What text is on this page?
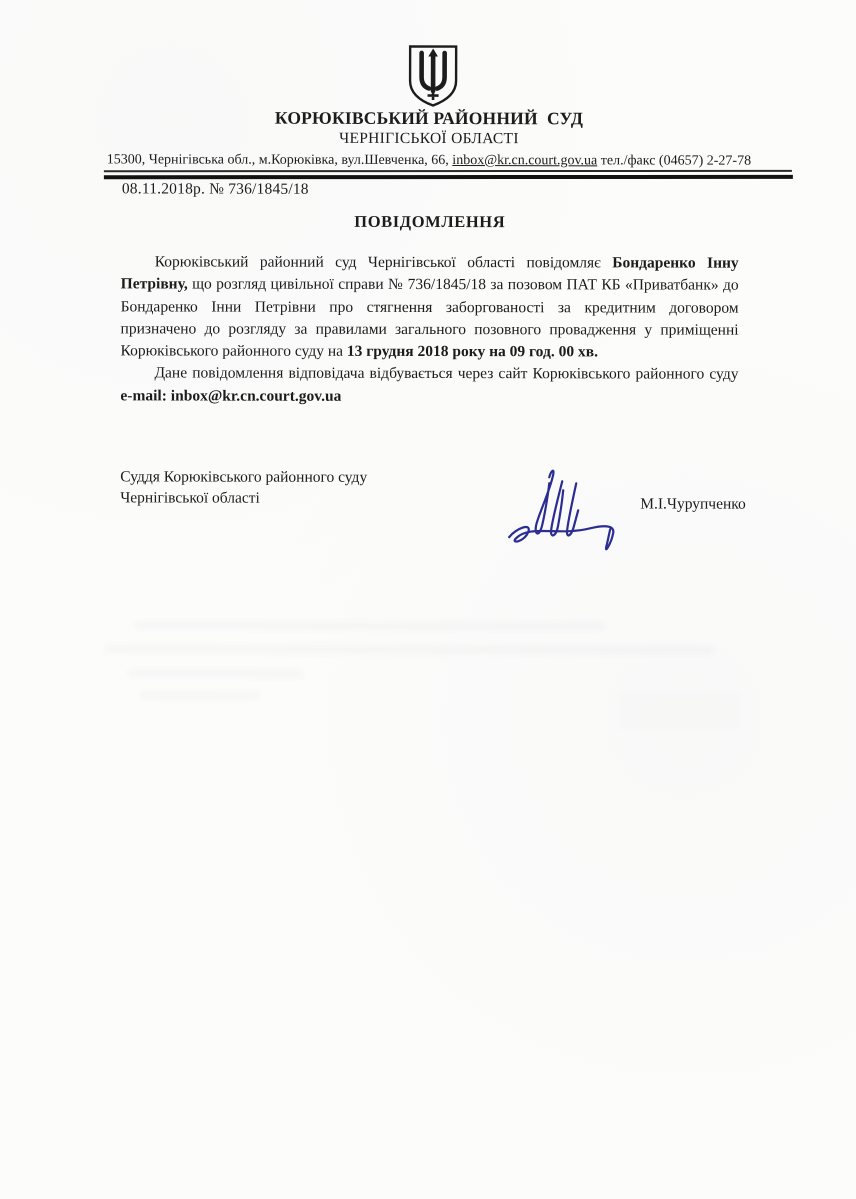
КОРЮКІВСЬКИЙ РАЙОННИЙ  СУД
ЧЕРНІГІСЬКОЇ ОБЛАСТІ
15300, Чернігівська обл., м.Корюківка, вул.Шевченка, 66, inbox@kr.cn.court.gov.ua тел./факс (04657) 2-27-78
08.11.2018р. № 736/1845/18
ПОВІДОМЛЕННЯ

Корюківський районний суд Чернігівської області повідомляє Бондаренко Інну Петрівну, що розгляд цивільної справи № 736/1845/18 за позовом ПАТ КБ «Приватбанк» до Бондаренко Інни Петрівни про стягнення заборгованості за кредитним договором призначено до розгляду за правилами загального позовного провадження у приміщенні Корюківського районного суду на 13 грудня 2018 року на 09 год. 00 хв.

Дане повідомлення відповідача відбувається через сайт Корюківського районного суду e-mail: inbox@kr.cn.court.gov.ua

Суддя Корюківського районного суду
Чернігівської області	М.І.Чурупченко
